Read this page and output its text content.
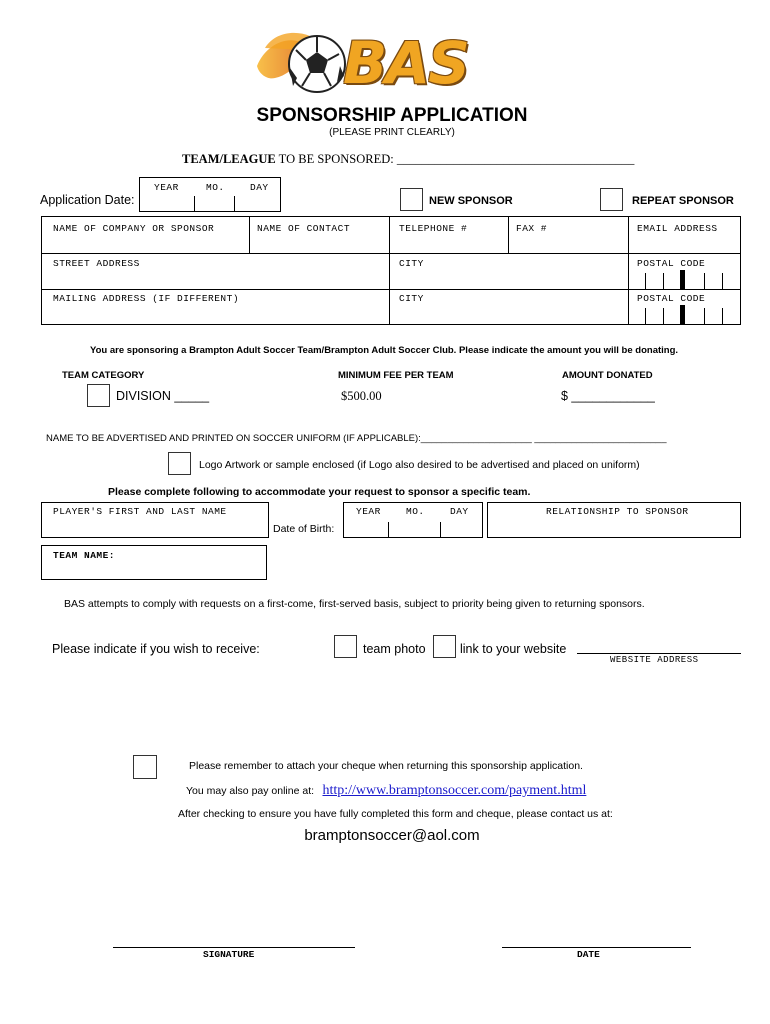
BAS
SPONSORSHIP APPLICATION
(PLEASE PRINT CLEARLY)
TEAM/LEAGUE TO BE SPONSORED: ______________________________________
Application Date:
YEAR	MO.	DAY
NEW SPONSOR	REPEAT SPONSOR
NAME OF COMPANY OR SPONSOR	NAME OF CONTACT	TELEPHONE #	FAX #	EMAIL ADDRESS
STREET ADDRESS	CITY	POSTAL CODE
MAILING ADDRESS (IF DIFFERENT)	CITY	POSTAL CODE
You are sponsoring a Brampton Adult Soccer Team/Brampton Adult Soccer Club. Please indicate the amount you will be donating.
TEAM CATEGORY	MINIMUM FEE PER TEAM	AMOUNT DONATED
DIVISION _____	$500.00	$ ____________
NAME TO BE ADVERTISED AND PRINTED ON SOCCER UNIFORM (IF APPLICABLE):_____________________ _________________________
Logo Artwork or sample enclosed (if Logo also desired to be advertised and placed on uniform)
Please complete following to accommodate your request to sponsor a specific team.
PLAYER'S FIRST AND LAST NAME
Date of Birth:
YEAR	MO.	DAY	RELATIONSHIP TO SPONSOR
TEAM NAME:
BAS attempts to comply with requests on a first-come, first-served basis, subject to priority being given to returning sponsors.
Please indicate if you wish to receive:	team photo	link to your website
WEBSITE ADDRESS
Please remember to attach your cheque when returning this sponsorship application.
You may also pay online at: http://www.bramptonsoccer.com/payment.html
After checking to ensure you have fully completed this form and cheque, please contact us at:
bramptonsoccer@aol.com
SIGNATURE	DATE
